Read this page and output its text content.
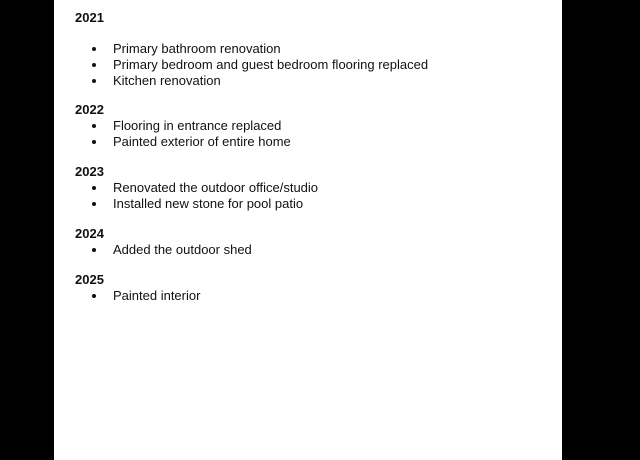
2021
Primary bathroom renovation
Primary bedroom and guest bedroom flooring replaced
Kitchen renovation
2022
Flooring in entrance replaced
Painted exterior of entire home
2023
Renovated the outdoor office/studio
Installed new stone for pool patio
2024
Added the outdoor shed
2025
Painted interior
